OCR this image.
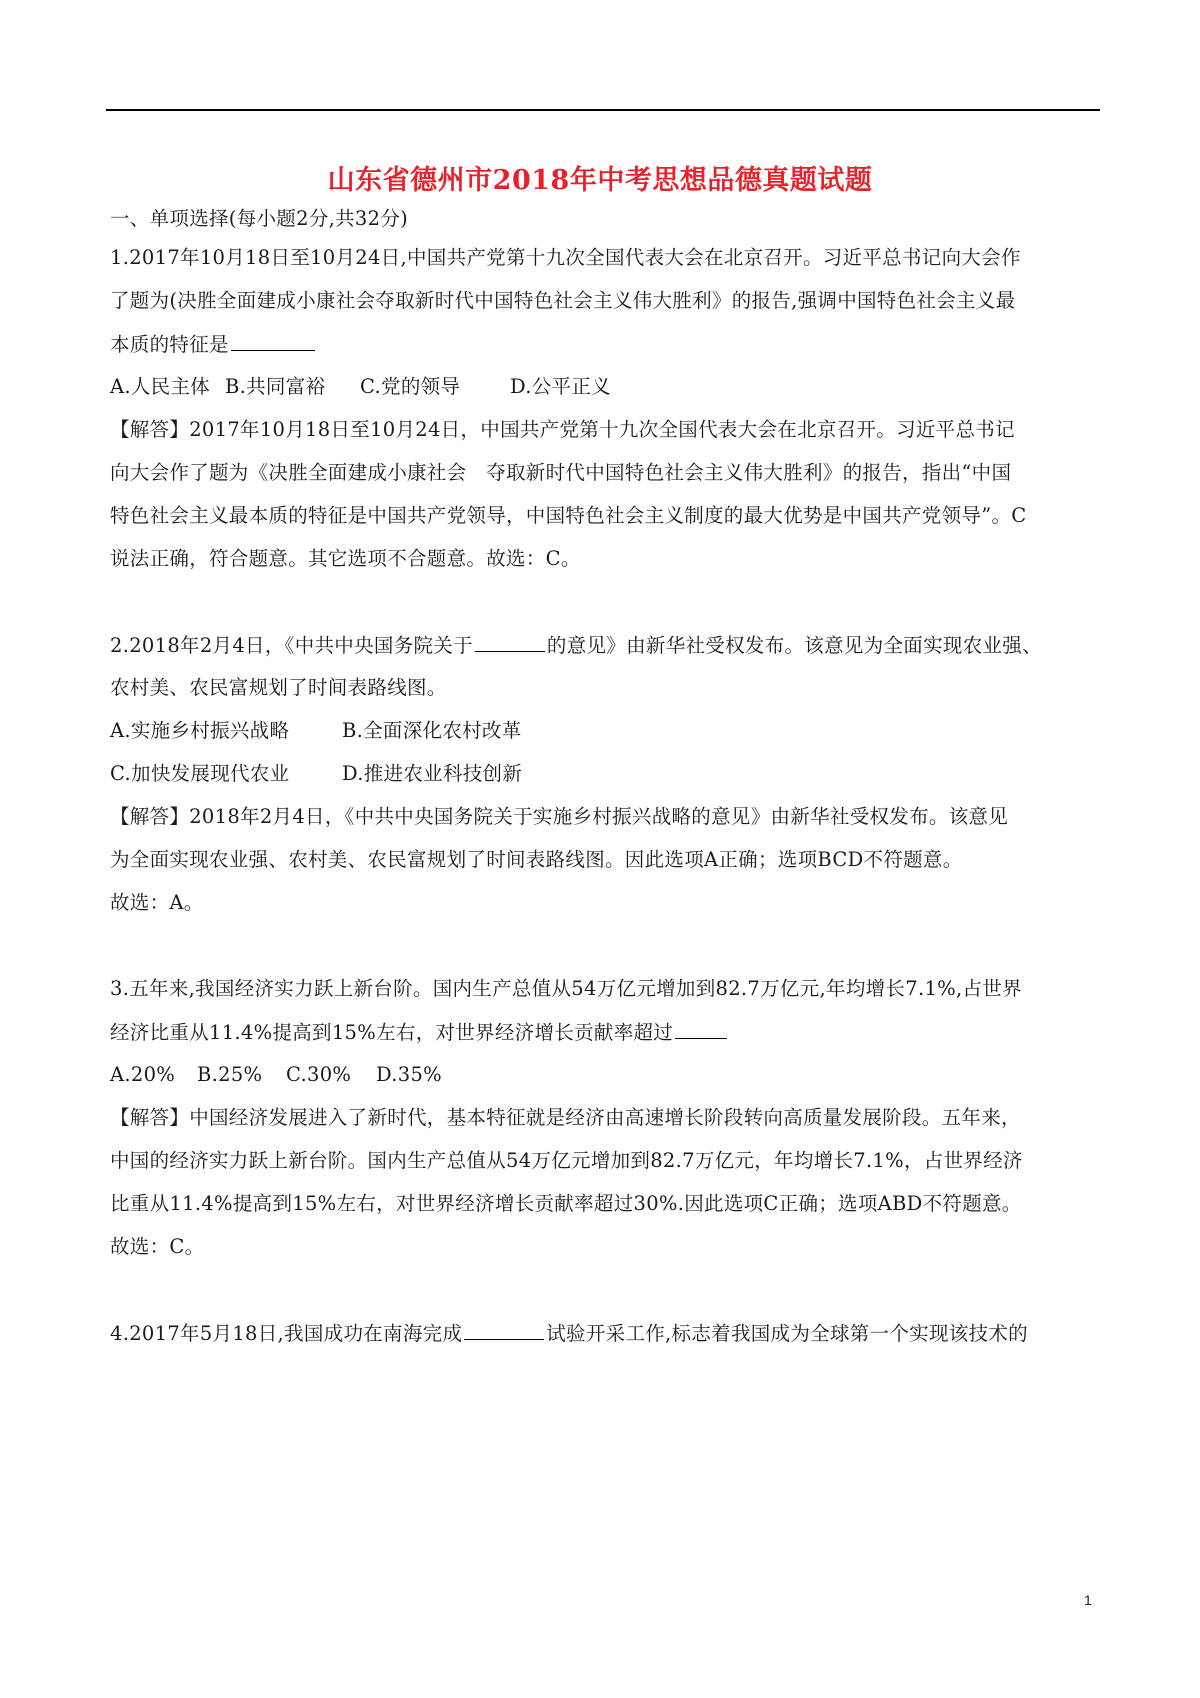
山东省德州市2018年中考思想品德真题试题
一、单项选择(每小题2分,共32分)
1.2017年10月18日至10月24日,中国共产党第十九次全国代表大会在北京召开。习近平总书记向大会作
了题为(决胜全面建成小康社会夺取新时代中国特色社会主义伟大胜利》的报告,强调中国特色社会主义最
本质的特征是
A.人民主体 B.共同富裕 C.党的领导	D.公平正义
【解答】2017年10月18日至10月24日，中国共产党第十九次全国代表大会在北京召开。习近平总书记
向大会作了题为《决胜全面建成小康社会　夺取新时代中国特色社会主义伟大胜利》的报告，指出“中国
特色社会主义最本质的特征是中国共产党领导，中国特色社会主义制度的最大优势是中国共产党领导”。C
说法正确，符合题意。其它选项不合题意。故选：C。
2.2018年2月4日，《中共中央国务院关于	的意见》由新华社受权发布。该意见为全面实现农业强、
农村美、农民富规划了时间表路线图。
A.实施乡村振兴战略	B.全面深化农村改革
C.加快发展现代农业	D.推进农业科技创新
【解答】2018年2月4日，《中共中央国务院关于实施乡村振兴战略的意见》由新华社受权发布。该意见
为全面实现农业强、农村美、农民富规划了时间表路线图。因此选项A正确；选项BCD不符题意。
故选：A。
3.五年来,我国经济实力跃上新台阶。国内生产总值从54万亿元增加到82.7万亿元,年均增长7.1%,占世界
经济比重从11.4%提高到15%左右，对世界经济增长贡献率超过
A.20% B.25% C.30% D.35%
【解答】中国经济发展进入了新时代，基本特征就是经济由高速增长阶段转向高质量发展阶段。五年来，
中国的经济实力跃上新台阶。国内生产总值从54万亿元增加到82.7万亿元，年均增长7.1%，占世界经济
比重从11.4%提高到15%左右，对世界经济增长贡献率超过30%.因此选项C正确；选项ABD不符题意。
故选：C。
4.2017年5月18日,我国成功在南海完成	试验开采工作,标志着我国成为全球第一个实现该技术的
1
